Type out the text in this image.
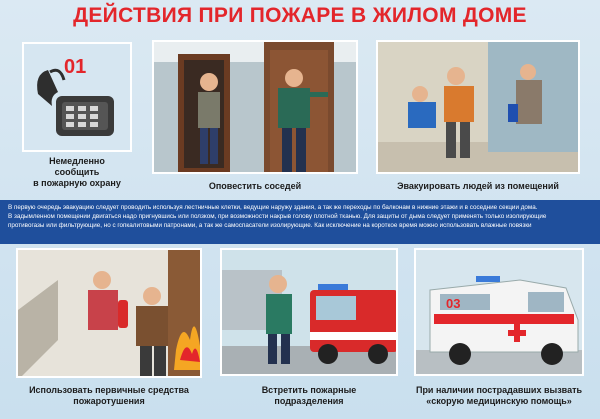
ДЕЙСТВИЯ ПРИ ПОЖАРЕ В ЖИЛОМ ДОМЕ
01
Немедленно
сообщить
в пожарную охрану	Оповестить соседей	Эвакуировать людей из помещений

В первую очередь эвакуацию следует проводить используя лестничные клетки, ведущие наружу здания, а так же переходы по балконам в нижние этажи и в соседние секции дома.

В задымленном помещении двигаться надо пригнувшись или ползком, при возможности накрыв голову плотной тканью. Для защиты от дыма следует применять только изолирующие

противогазы или фильтрующие, но с гопкалитовыми патронами, а так же самоспасатели изолирующие. Как исключение на короткое время можно использовать влажные повязки

Использовать первичные средства
пожаротушения
Встретить пожарные
подразделения
03
При наличии пострадавших вызвать
«скорую медицинскую помощь»
